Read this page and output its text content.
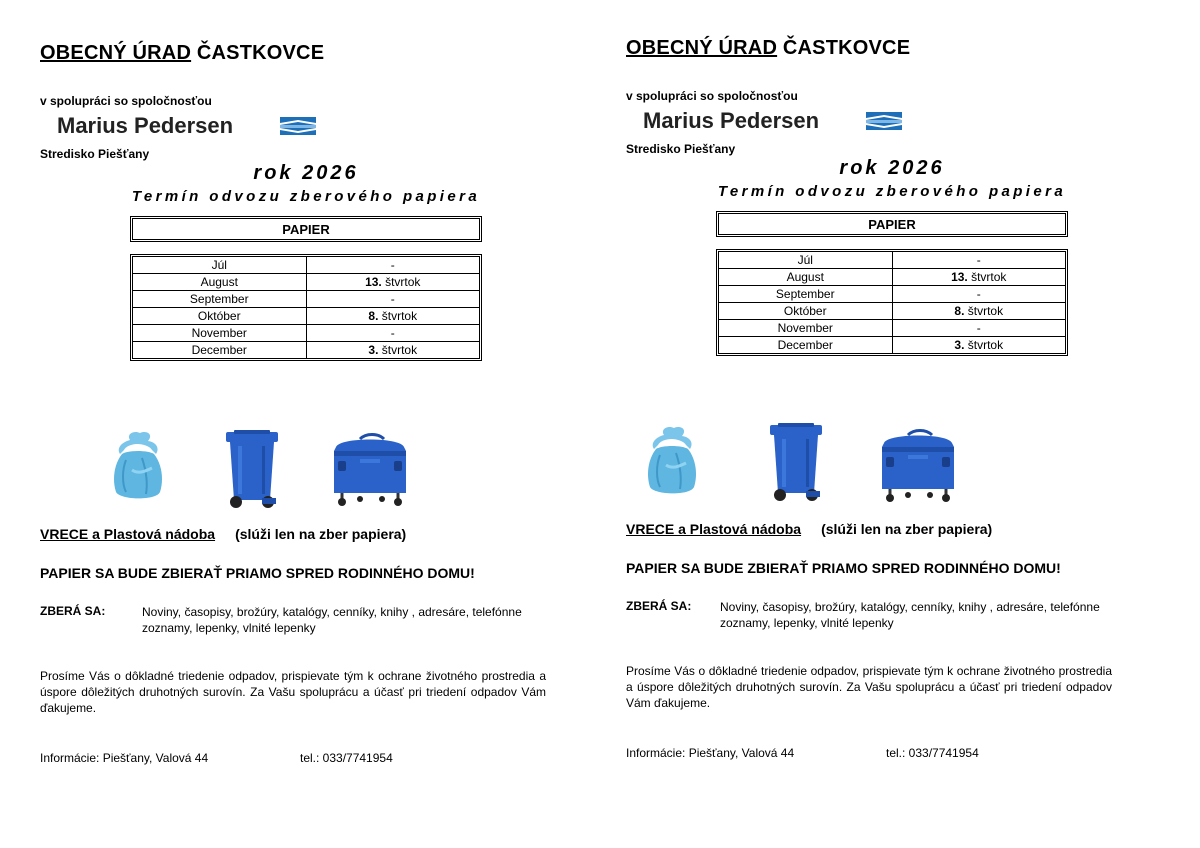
OBECNÝ ÚRAD ČASTKOVCE
v spolupráci so spoločnosťou
Marius Pedersen
Stredisko Piešťany
rok 2026
Termín odvozu zberového papiera
PAPIER
Júl	-
August	13. štvrtok
September	-
Október	8. štvrtok
November	-
December	3. štvrtok
VRECE a Plastová nádoba (slúži len na zber papiera)
PAPIER SA BUDE ZBIERAŤ PRIAMO SPRED RODINNÉHO DOMU!
ZBERÁ SA:	Noviny, časopisy, brožúry, katalógy, cenníky, knihy , adresáre, telefónne zoznamy, lepenky, vlnité lepenky
Prosíme Vás o dôkladné triedenie odpadov, prispievate tým k ochrane životného prostredia a úspore dôležitých druhotných surovín. Za Vašu spoluprácu a účasť pri triedení odpadov Vám ďakujeme.
Informácie: Piešťany, Valová 44	tel.: 033/7741954
OBECNÝ ÚRAD ČASTKOVCE
v spolupráci so spoločnosťou
Marius Pedersen
Stredisko Piešťany
rok 2026
Termín odvozu zberového papiera
PAPIER
Júl	-
August	13. štvrtok
September	-
Október	8. štvrtok
November	-
December	3. štvrtok
VRECE a Plastová nádoba (slúži len na zber papiera)
PAPIER SA BUDE ZBIERAŤ PRIAMO SPRED RODINNÉHO DOMU!
ZBERÁ SA: Noviny, časopisy, brožúry, katalógy, cenníky, knihy , adresáre, telefónne zoznamy, lepenky, vlnité lepenky
Prosíme Vás o dôkladné triedenie odpadov, prispievate tým k ochrane životného prostredia a úspore dôležitých druhotných surovín. Za Vašu spoluprácu a účasť pri triedení odpadov Vám ďakujeme.
Informácie: Piešťany, Valová 44	tel.: 033/7741954
